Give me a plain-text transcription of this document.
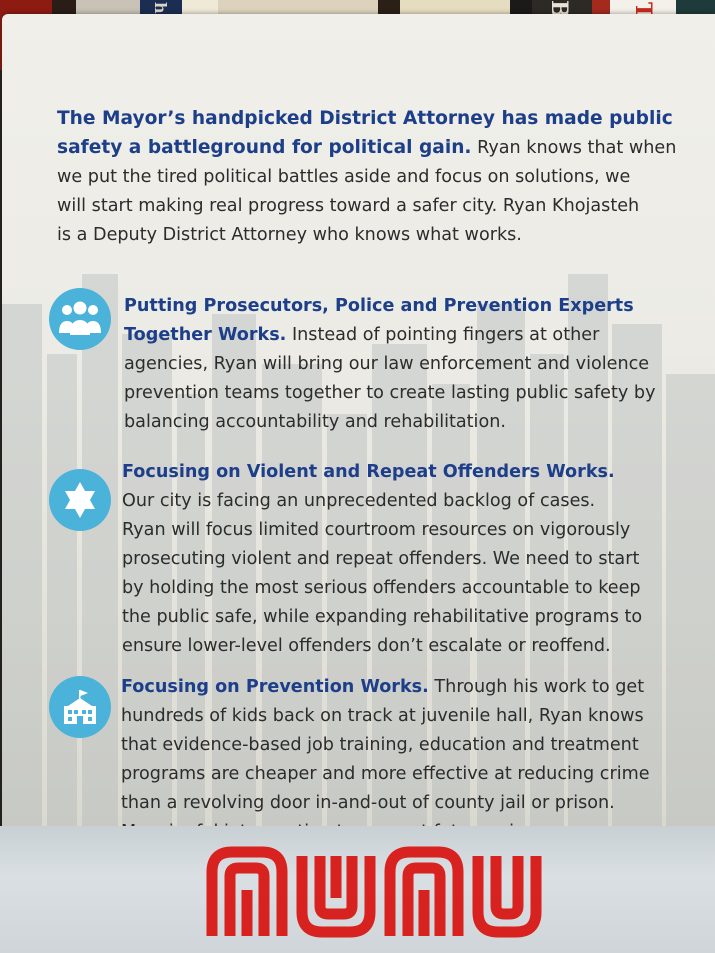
The Mayor’s handpicked District Attorney has made public
safety a battleground for political gain. Ryan knows that when
we put the tired political battles aside and focus on solutions, we
will start making real progress toward a safer city. Ryan Khojasteh
is a Deputy District Attorney who knows what works.
Putting Prosecutors, Police and Prevention Experts
Together Works. Instead of pointing fingers at other
agencies, Ryan will bring our law enforcement and violence
prevention teams together to create lasting public safety by
balancing accountability and rehabilitation.
Focusing on Violent and Repeat Offenders Works.
Our city is facing an unprecedented backlog of cases.
Ryan will focus limited courtroom resources on vigorously
prosecuting violent and repeat offenders. We need to start
by holding the most serious offenders accountable to keep
the public safe, while expanding rehabilitative programs to
ensure lower-level offenders don’t escalate or reoffend.
Focusing on Prevention Works. Through his work to get
hundreds of kids back on track at juvenile hall, Ryan knows
that evidence-based job training, education and treatment
programs are cheaper and more effective at reducing crime
than a revolving door in-and-out of county jail or prison.
